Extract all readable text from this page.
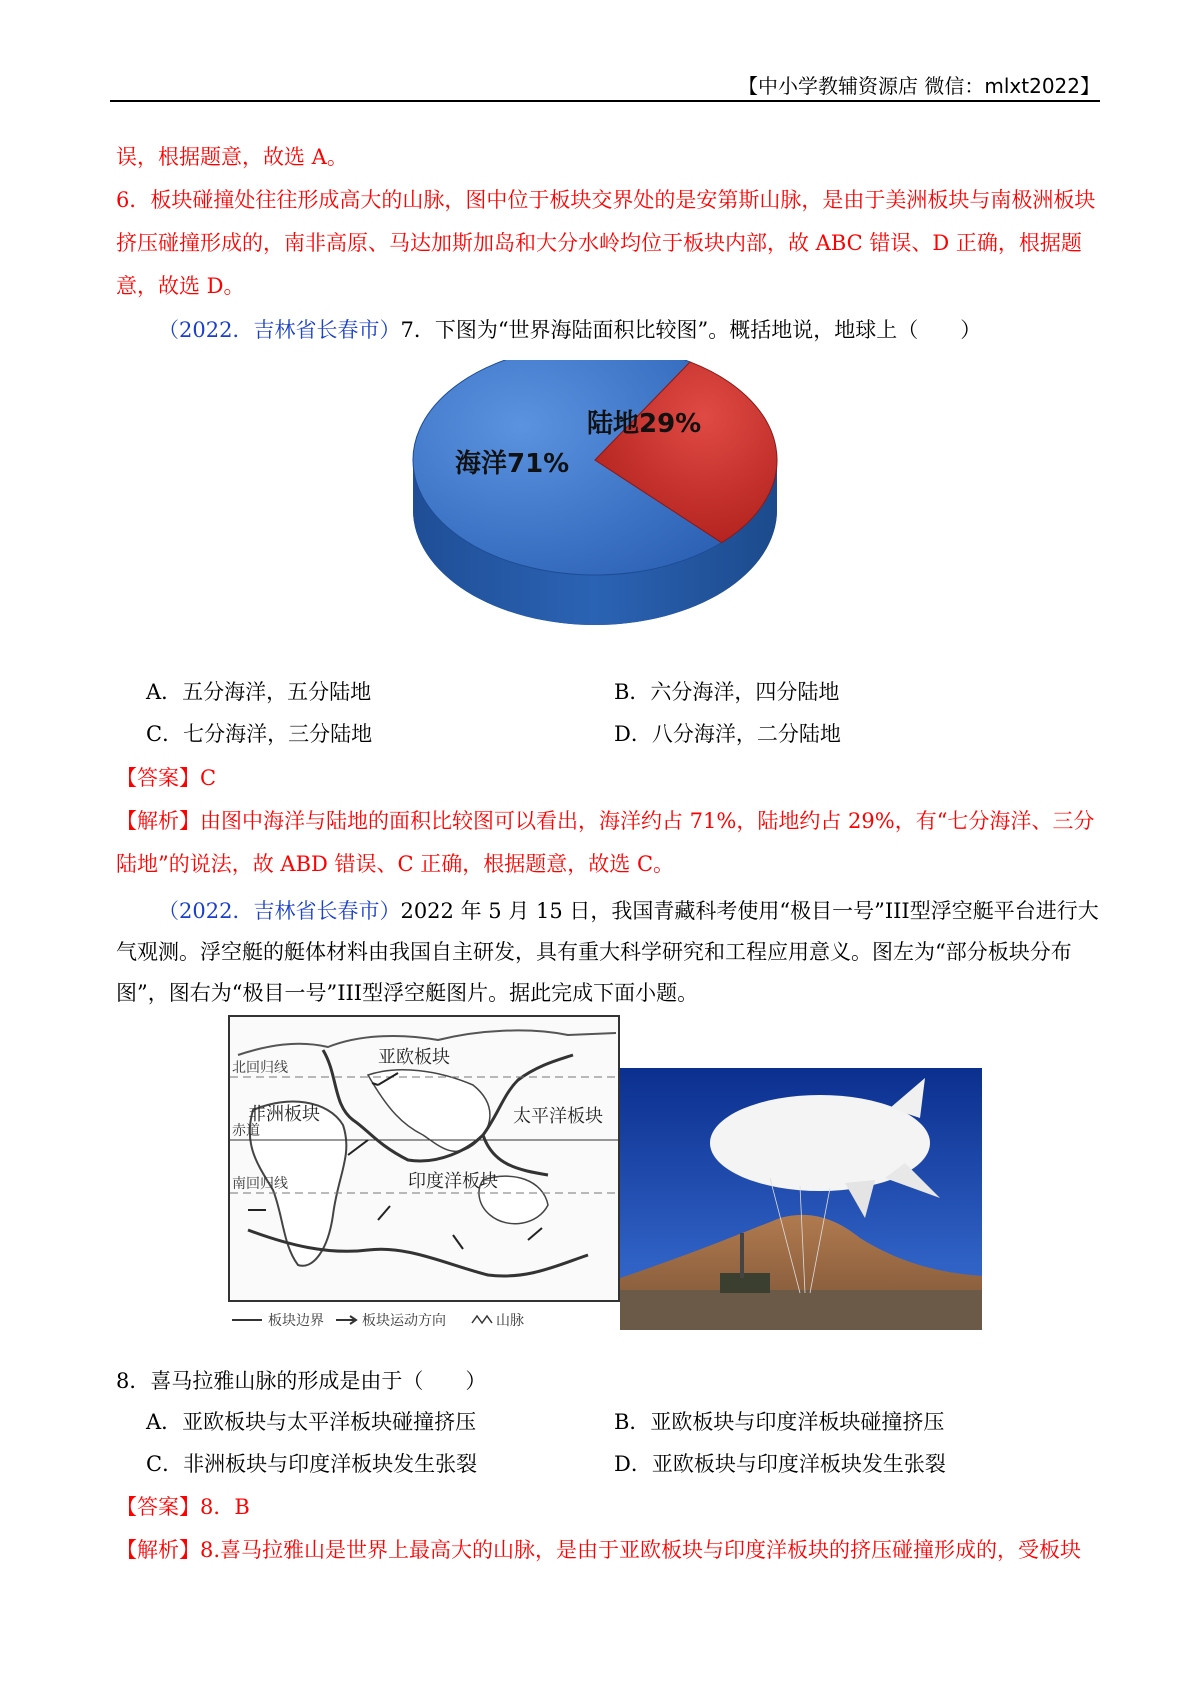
【中小学教辅资源店 微信：mlxt2022】
误，根据题意，故选 A。
6．板块碰撞处往往形成高大的山脉，图中位于板块交界处的是安第斯山脉，是由于美洲板块与南极洲板块挤压碰撞形成的，南非高原、马达加斯加岛和大分水岭均位于板块内部，故 ABC 错误、D 正确，根据题意，故选 D。
（2022．吉林省长春市）7．下图为“世界海陆面积比较图”。概括地说，地球上（　　）
陆地29%
海洋71%
A．五分海洋，五分陆地	B．六分海洋，四分陆地
C．七分海洋，三分陆地	D．八分海洋，二分陆地
【答案】C
【解析】由图中海洋与陆地的面积比较图可以看出，海洋约占 71%，陆地约占 29%，有“七分海洋、三分陆地”的说法，故 ABD 错误、C 正确，根据题意，故选 C。
（2022．吉林省长春市）2022 年 5 月 15 日，我国青藏科考使用“极目一号”III型浮空艇平台进行大气观测。浮空艇的艇体材料由我国自主研发，具有重大科学研究和工程应用意义。图左为“部分板块分布图”，图右为“极目一号”III型浮空艇图片。据此完成下面小题。
亚欧板块
非洲板块	太平洋板块
印度洋板块
北回归线
赤道
南回归线
板块边界	板块运动方向	山脉
8．喜马拉雅山脉的形成是由于（　　）
A．亚欧板块与太平洋板块碰撞挤压	B．亚欧板块与印度洋板块碰撞挤压
C．非洲板块与印度洋板块发生张裂	D．亚欧板块与印度洋板块发生张裂
【答案】8．B
【解析】8.喜马拉雅山是世界上最高大的山脉，是由于亚欧板块与印度洋板块的挤压碰撞形成的，受板块
